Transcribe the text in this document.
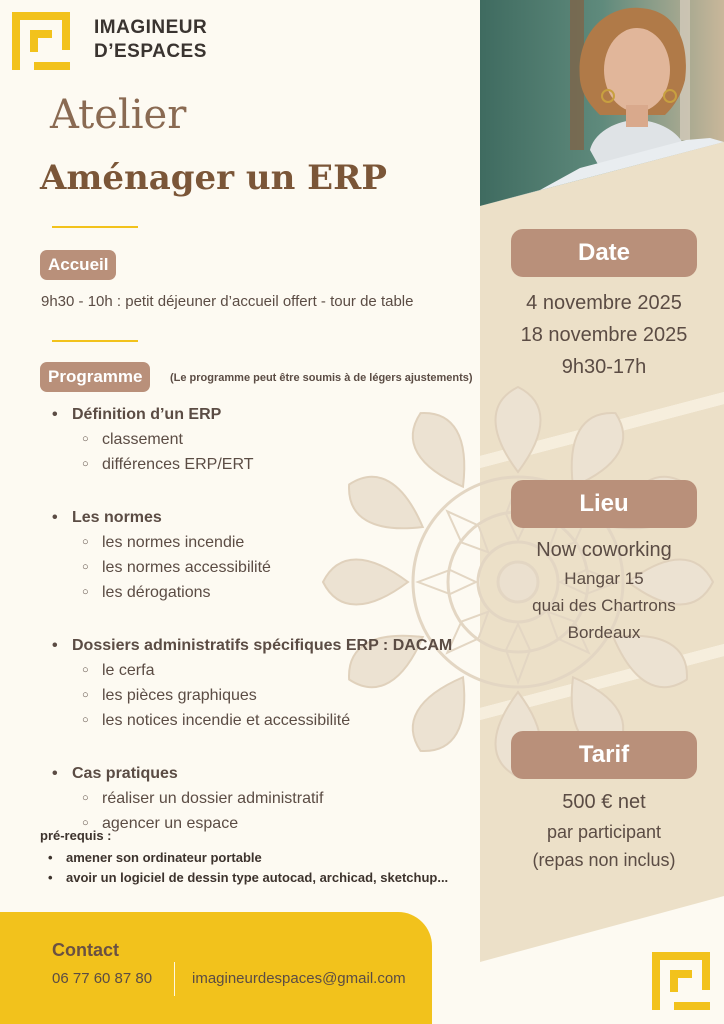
IMAGINEUR
D’ESPACES
Atelier
Aménager un ERP
Accueil
9h30 - 10h : petit déjeuner d’accueil offert - tour de table
Programme	(Le programme peut être soumis à de légers ajustements)
• Définition d’un ERP
○ classement
○ différences ERP/ERT
• Les normes
○ les normes incendie
○ les normes accessibilité
○ les dérogations
• Dossiers administratifs spécifiques ERP : DACAM
○ le cerfa
○ les pièces graphiques
○ les notices incendie et accessibilité
• Cas pratiques
○ réaliser un dossier administratif
○ agencer un espace
pré-requis :
• amener son ordinateur portable
• avoir un logiciel de dessin type autocad, archicad, sketchup...
Contact
06 77 60 87 80	imagineurdespaces@gmail.com
Date
4 novembre 2025
18 novembre 2025
9h30-17h
Lieu
Now coworking
Hangar 15
quai des Chartrons
Bordeaux
Tarif
500 € net
par participant
(repas non inclus)
